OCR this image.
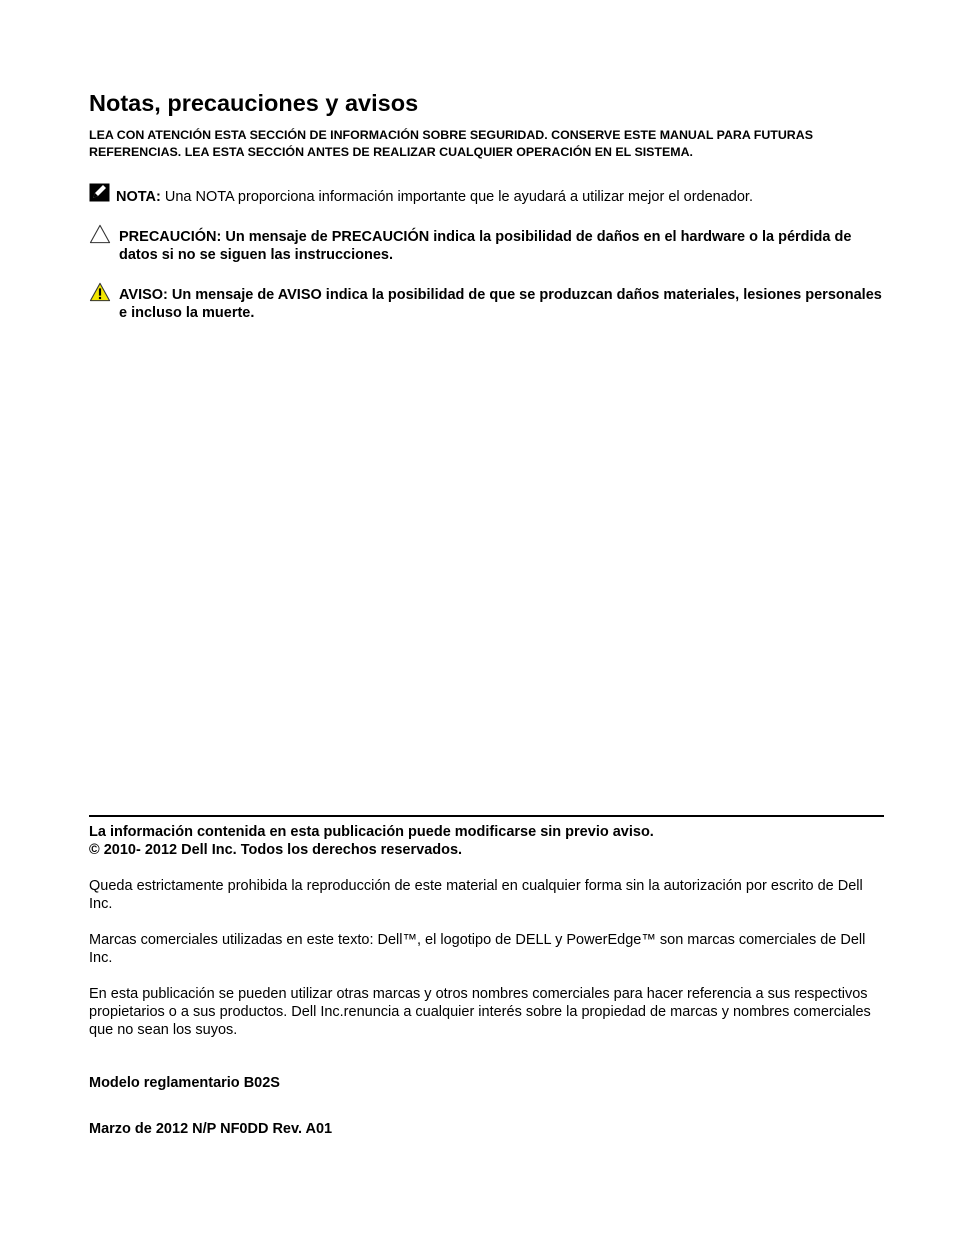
Notas, precauciones y avisos

LEA CON ATENCIÓN ESTA SECCIÓN DE INFORMACIÓN SOBRE SEGURIDAD. CONSERVE ESTE MANUAL PARA FUTURAS REFERENCIAS. LEA ESTA SECCIÓN ANTES DE REALIZAR CUALQUIER OPERACIÓN EN EL SISTEMA.

NOTA: Una NOTA proporciona información importante que le ayudará a utilizar mejor el ordenador.
PRECAUCIÓN: Un mensaje de PRECAUCIÓN indica la posibilidad de daños en el hardware o la pérdida de datos si no se siguen las instrucciones.
AVISO: Un mensaje de AVISO indica la posibilidad de que se produzcan daños materiales, lesiones personales e incluso la muerte.

La información contenida en esta publicación puede modificarse sin previo aviso.

© 2010- 2012 Dell Inc. Todos los derechos reservados.

Queda estrictamente prohibida la reproducción de este material en cualquier forma sin la autorización por escrito de Dell Inc.

Marcas comerciales utilizadas en este texto: Dell™, el logotipo de DELL y PowerEdge™ son marcas comerciales de Dell Inc.

En esta publicación se pueden utilizar otras marcas y otros nombres comerciales para hacer referencia a sus respectivos propietarios o a sus productos. Dell Inc.renuncia a cualquier interés sobre la propiedad de marcas y nombres comerciales que no sean los suyos.

Modelo reglamentario B02S

Marzo de 2012 N/P NF0DD Rev. A01
